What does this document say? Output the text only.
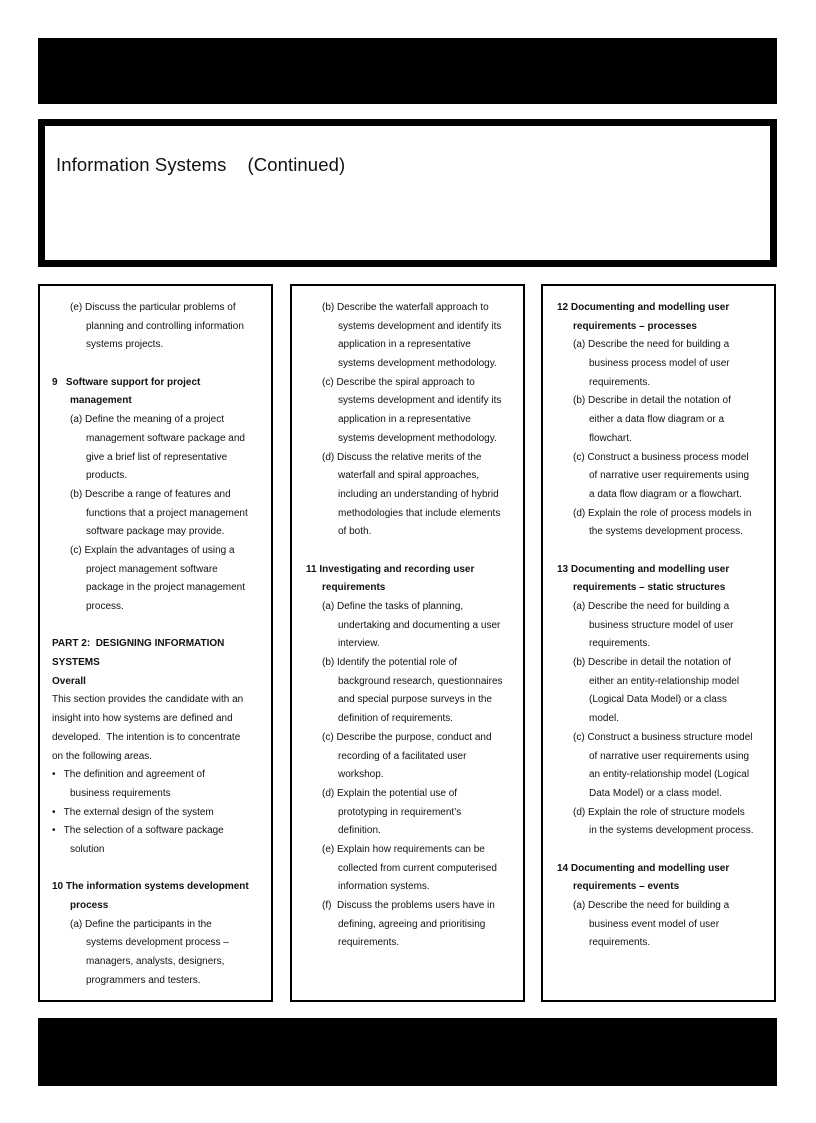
Information Systems    (Continued)
(e) Discuss the particular problems of
planning and controlling information
systems projects.
9   Software support for project
management
(a) Define the meaning of a project
management software package and
give a brief list of representative
products.
(b) Describe a range of features and
functions that a project management
software package may provide.
(c) Explain the advantages of using a
project management software
package in the project management
process.
PART 2:  DESIGNING INFORMATION
SYSTEMS
Overall
This section provides the candidate with an
insight into how systems are defined and
developed.  The intention is to concentrate
on the following areas.
•   The definition and agreement of
business requirements
•   The external design of the system
•   The selection of a software package
solution
10 The information systems development
process
(a) Define the participants in the
systems development process –
managers, analysts, designers,
programmers and testers.
(b) Describe the waterfall approach to
systems development and identify its
application in a representative
systems development methodology.
(c) Describe the spiral approach to
systems development and identify its
application in a representative
systems development methodology.
(d) Discuss the relative merits of the
waterfall and spiral approaches,
including an understanding of hybrid
methodologies that include elements
of both.
11 Investigating and recording user
requirements
(a) Define the tasks of planning,
undertaking and documenting a user
interview.
(b) Identify the potential role of
background research, questionnaires
and special purpose surveys in the
definition of requirements.
(c) Describe the purpose, conduct and
recording of a facilitated user
workshop.
(d) Explain the potential use of
prototyping in requirement’s
definition.
(e) Explain how requirements can be
collected from current computerised
information systems.
(f)  Discuss the problems users have in
defining, agreeing and prioritising
requirements.
12 Documenting and modelling user
requirements – processes
(a) Describe the need for building a
business process model of user
requirements.
(b) Describe in detail the notation of
either a data flow diagram or a
flowchart.
(c) Construct a business process model
of narrative user requirements using
a data flow diagram or a flowchart.
(d) Explain the role of process models in
the systems development process.
13 Documenting and modelling user
requirements – static structures
(a) Describe the need for building a
business structure model of user
requirements.
(b) Describe in detail the notation of
either an entity-relationship model
(Logical Data Model) or a class
model.
(c) Construct a business structure model
of narrative user requirements using
an entity-relationship model (Logical
Data Model) or a class model.
(d) Explain the role of structure models
in the systems development process.
14 Documenting and modelling user
requirements – events
(a) Describe the need for building a
business event model of user
requirements.
